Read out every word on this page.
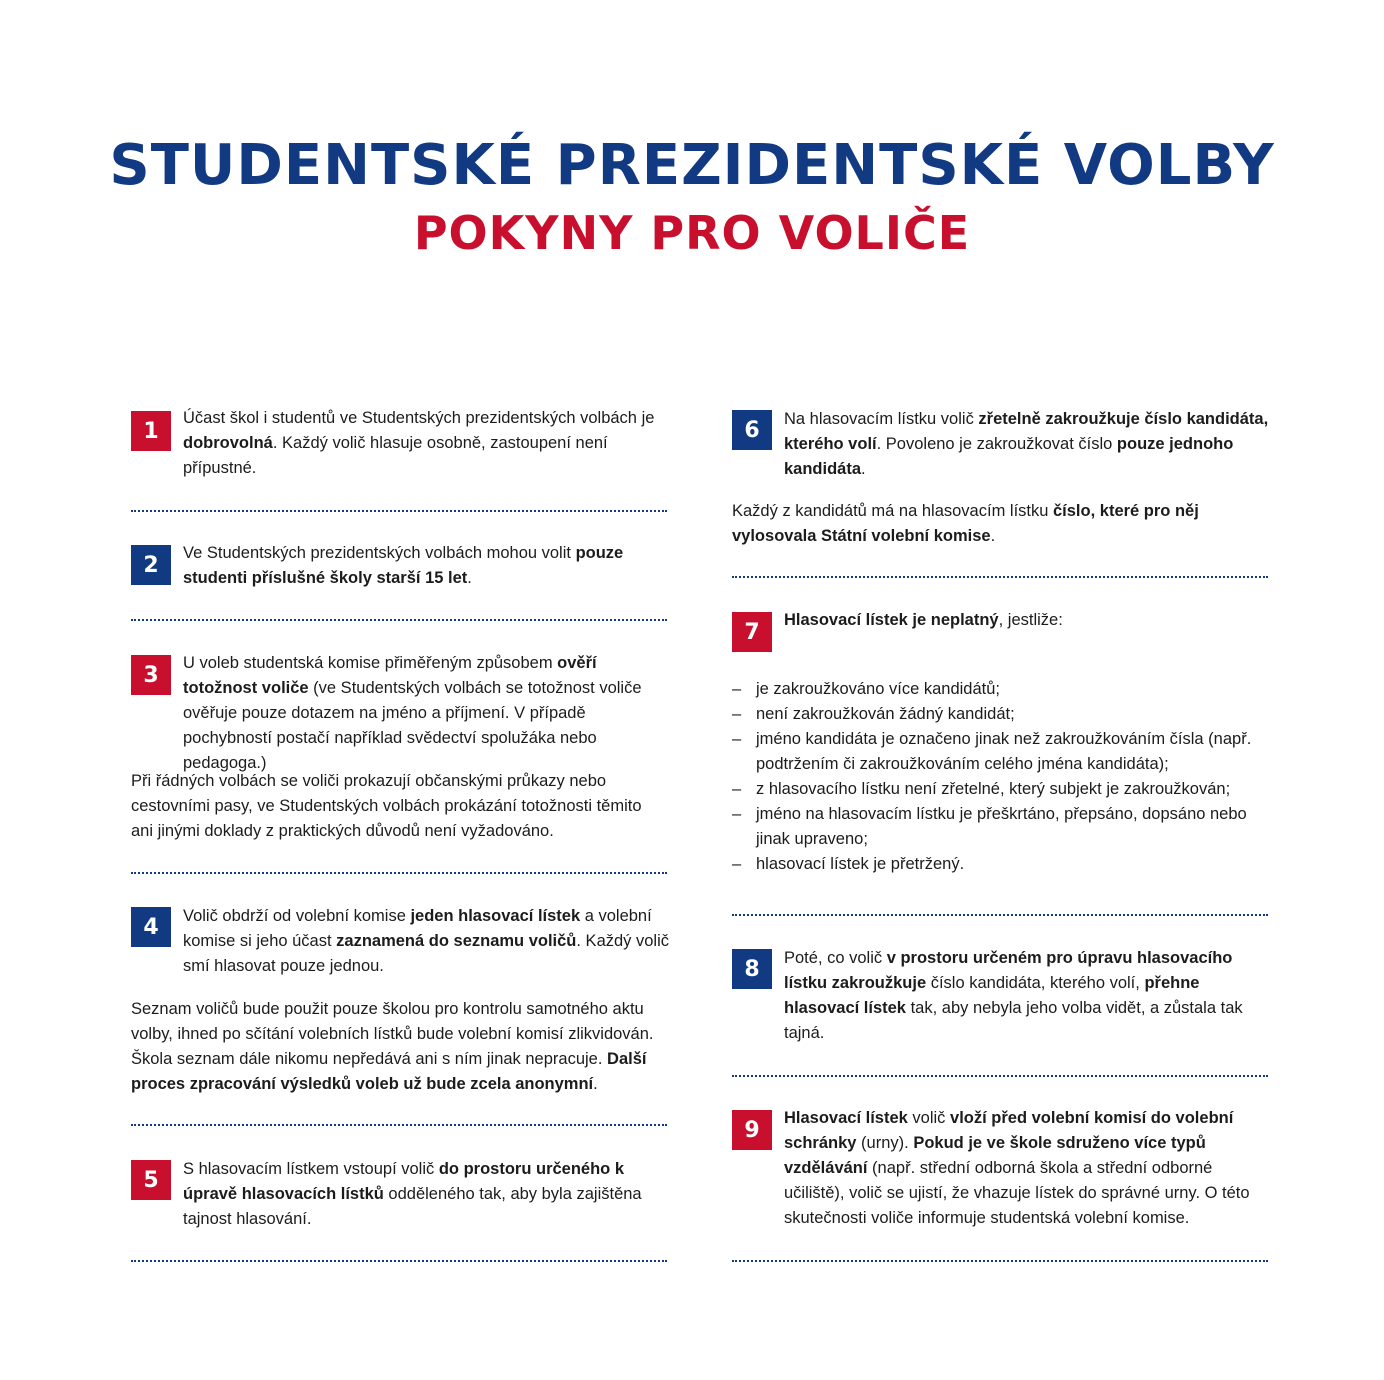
STUDENTSKÉ PREZIDENTSKÉ VOLBY
POKYNY PRO VOLIČE
1

Účast škol i studentů ve Studentských prezidentských volbách je dobrovolná. Každý volič hlasuje osobně, zastoupení není přípustné.

2	Ve Studentských prezidentských volbách mohou volit pouze studenti příslušné školy starší 15 let.

3	U voleb studentská komise přiměřeným způsobem ověří totožnost voliče (ve Studentských volbách se totožnost voliče ověřuje pouze dotazem na jméno a příjmení. V případě pochybností postačí například svědectví spolužáka nebo pedagoga.)

Při řádných volbách se voliči prokazují občanskými průkazy nebo cestovními pasy, ve Studentských volbách prokázání totožnosti těmito ani jinými doklady z praktických důvodů není vyžadováno.

4	Volič obdrží od volební komise jeden hlasovací lístek a volební komise si jeho účast zaznamená do seznamu voličů. Každý volič smí hlasovat pouze jednou.

Seznam voličů bude použit pouze školou pro kontrolu samotného aktu volby, ihned po sčítání volebních lístků bude volební komisí zlikvidován. Škola seznam dále nikomu nepředává ani s ním jinak nepracuje. Další proces zpracování výsledků voleb už bude zcela anonymní.

5	S hlasovacím lístkem vstoupí volič do prostoru určeného k úpravě hlasovacích lístků odděleného tak, aby byla zajištěna tajnost hlasování.

6	Na hlasovacím lístku volič zřetelně zakroužkuje číslo kandidáta, kterého volí. Povoleno je zakroužkovat číslo pouze jednoho kandidáta.

Každý z kandidátů má na hlasovacím lístku číslo, které pro něj vylosovala Státní volební komise.

7	Hlasovací lístek je neplatný, jestliže:

– je zakroužkováno více kandidátů;
– není zakroužkován žádný kandidát;
– jméno kandidáta je označeno jinak než zakroužkováním čísla (např. podtržením či zakroužkováním celého jména kandidáta);
– z hlasovacího lístku není zřetelné, který subjekt je zakroužkován;
– jméno na hlasovacím lístku je přeškrtáno, přepsáno, dopsáno nebo jinak upraveno;
– hlasovací lístek je přetržený.
8	Poté, co volič v prostoru určeném pro úpravu hlasovacího lístku zakroužkuje číslo kandidáta, kterého volí, přehne hlasovací lístek tak, aby nebyla jeho volba vidět, a zůstala tak tajná.

9	Hlasovací lístek volič vloží před volební komisí do volební schránky (urny). Pokud je ve škole sdruženo více typů vzdělávání (např. střední odborná škola a střední odborné učiliště), volič se ujistí, že vhazuje lístek do správné urny. O této skutečnosti voliče informuje studentská volební komise.
